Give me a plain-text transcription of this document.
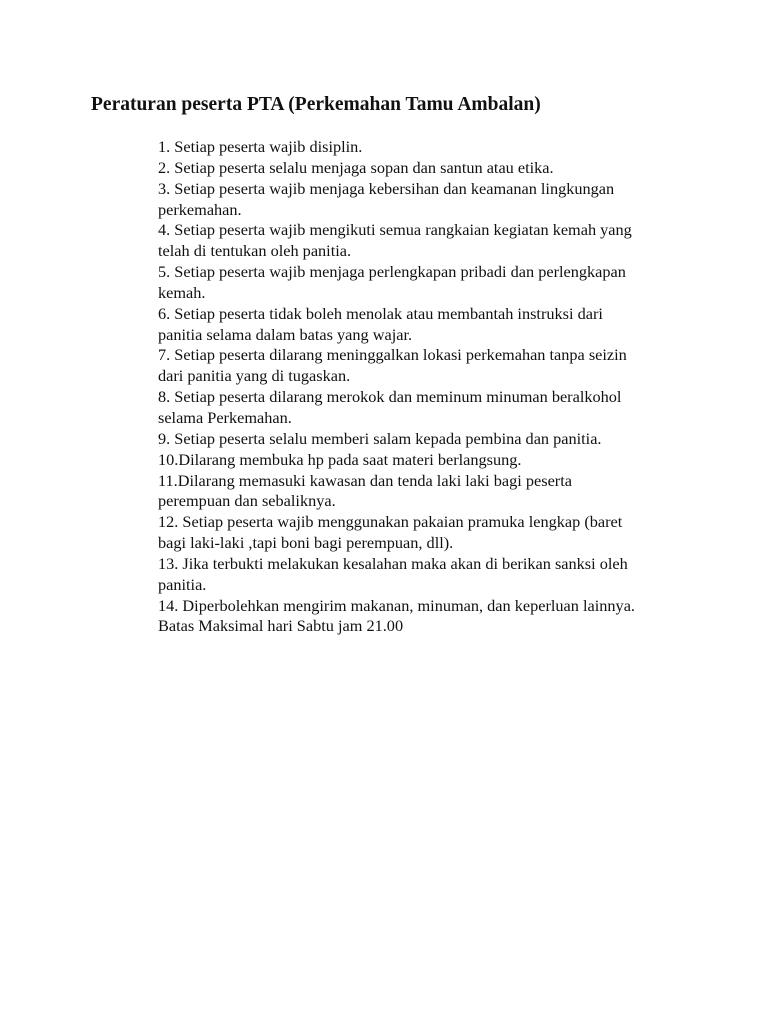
Peraturan peserta PTA (Perkemahan Tamu Ambalan)
1. Setiap peserta wajib disiplin.
2. Setiap peserta selalu menjaga sopan dan santun atau etika.
3. Setiap peserta wajib menjaga kebersihan dan keamanan lingkungan
perkemahan.
4. Setiap peserta wajib mengikuti semua rangkaian kegiatan kemah yang
telah di tentukan oleh panitia.
5. Setiap peserta wajib menjaga perlengkapan pribadi dan perlengkapan
kemah.
6. Setiap peserta tidak boleh menolak atau membantah instruksi dari
panitia selama dalam batas yang wajar.
7. Setiap peserta dilarang meninggalkan lokasi perkemahan tanpa seizin
dari panitia yang di tugaskan.
8. Setiap peserta dilarang merokok dan meminum minuman beralkohol
selama Perkemahan.
9. Setiap peserta selalu memberi salam kepada pembina dan panitia.
10.Dilarang membuka hp pada saat materi berlangsung.
11.Dilarang memasuki kawasan dan tenda laki laki bagi peserta
perempuan dan sebaliknya.
12. Setiap peserta wajib menggunakan pakaian pramuka lengkap (baret
bagi laki-laki ,tapi boni bagi perempuan, dll).
13. Jika terbukti melakukan kesalahan maka akan di berikan sanksi oleh
panitia.
14. Diperbolehkan mengirim makanan, minuman, dan keperluan lainnya.
Batas Maksimal hari Sabtu jam 21.00
